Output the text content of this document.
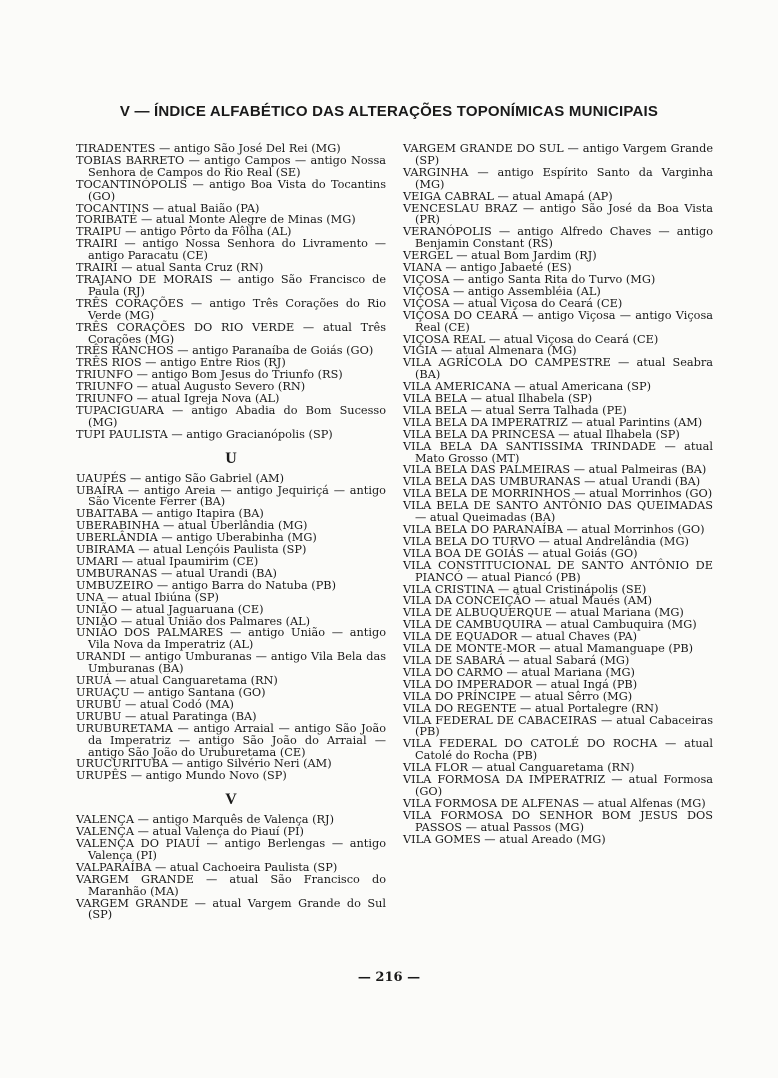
V — ÍNDICE ALFABÉTICO DAS ALTERAÇÕES TOPONÍMICAS MUNICIPAIS

TIRADENTES — antigo São José Del Rei (MG)

TOBIAS BARRETO — antigo Campos — antigo Nossa Senhora de Campos do Rio Real (SE)

TOCANTINÓPOLIS — antigo Boa Vista do Tocantins (GO)

TOCANTINS — atual Baião (PA)

TORIBATÉ — atual Monte Alegre de Minas (MG)

TRAIPU — antigo Pôrto da Fôlha (AL)

TRAIRI — antigo Nossa Senhora do Livramento — antigo Paracatu (CE)

TRAIRI — atual Santa Cruz (RN)

TRAJANO DE MORAIS — antigo São Francisco de Paula (RJ)

TRÊS CORAÇÕES — antigo Três Corações do Rio Verde (MG)

TRÊS CORAÇÕES DO RIO VERDE — atual Três Corações (MG)

TRÊS RANCHOS — antigo Paranaíba de Goiás (GO)

TRÊS RIOS — antigo Entre Rios (RJ)

TRIUNFO — antigo Bom Jesus do Triunfo (RS)

TRIUNFO — atual Augusto Severo (RN)

TRIUNFO — atual Igreja Nova (AL)

TUPACIGUARA — antigo Abadia do Bom Sucesso (MG)

TUPI PAULISTA — antigo Gracianópolis (SP)

U

UAUPÉS — antigo São Gabriel (AM)

UBAÍRA — antigo Areia — antigo Jequiriçá — antigo São Vicente Ferrer (BA)

UBAITABA — antigo Itapira (BA)

UBERABINHA — atual Uberlândia (MG)

UBERLÂNDIA — antigo Uberabinha (MG)

UBIRAMA — atual Lençóis Paulista (SP)

UMARI — atual Ipaumirim (CE)

UMBURANAS — atual Urandi (BA)

UMBUZEIRO — antigo Barra do Natuba (PB)

UNA — atual Ibiúna (SP)

UNIÃO — atual Jaguaruana (CE)

UNIÃO — atual União dos Palmares (AL)

UNIÃO DOS PALMARES — antigo União — antigo Vila Nova da Imperatriz (AL)

URANDI — antigo Umburanas — antigo Vila Bela das Umburanas (BA)

URUÁ — atual Canguaretama (RN)

URUAÇU — antigo Santana (GO)

URUBU — atual Codó (MA)

URUBU — atual Paratinga (BA)

URUBURETAMA — antigo Arraial — antigo São João da Imperatriz — antigo São João do Arraial — antigo São João do Uruburetama (CE)

URUCURITUBA — antigo Silvério Neri (AM)

URUPÊS — antigo Mundo Novo (SP)

V

VALENÇA — antigo Marquês de Valença (RJ)

VALENÇA — atual Valença do Piauí (PI)

VALENÇA DO PIAUÍ — antigo Berlengas — antigo Valença (PI)

VALPARAÍBA — atual Cachoeira Paulista (SP)

VARGEM GRANDE — atual São Francisco do Maranhão (MA)

VARGEM GRANDE — atual Vargem Grande do Sul (SP)

VARGEM GRANDE DO SUL — antigo Vargem Grande (SP)

VARGINHA — antigo Espírito Santo da Varginha (MG)

VEIGA CABRAL — atual Amapá (AP)

VENCESLAU BRAZ — antigo São José da Boa Vista (PR)

VERANÓPOLIS — antigo Alfredo Chaves — antigo Benjamin Constant (RS)

VERGEL — atual Bom Jardim (RJ)

VIANA — antigo Jabaeté (ES)

VIÇOSA — antigo Santa Rita do Turvo (MG)

VIÇOSA — antigo Assembléia (AL)

VIÇOSA — atual Viçosa do Ceará (CE)

VIÇOSA DO CEARÁ — antigo Viçosa — antigo Viçosa Real (CE)

VIÇOSA REAL — atual Viçosa do Ceará (CE)

VIGIA — atual Almenara (MG)

VILA AGRÍCOLA DO CAMPESTRE — atual Seabra (BA)

VILA AMERICANA — atual Americana (SP)

VILA BELA — atual Ilhabela (SP)

VILA BELA — atual Serra Talhada (PE)

VILA BELA DA IMPERATRIZ — atual Parintins (AM)

VILA BELA DA PRINCESA — atual Ilhabela (SP)

VILA BELA DA SANTISSIMA TRINDADE — atual Mato Grosso (MT)

VILA BELA DAS PALMEIRAS — atual Palmeiras (BA)

VILA BELA DAS UMBURANAS — atual Urandi (BA)

VILA BELA DE MORRINHOS — atual Morrinhos (GO)

VILA BELA DE SANTO ANTÔNIO DAS QUEIMADAS — atual Queimadas (BA)

VILA BELA DO PARANAÍBA — atual Morrinhos (GO)

VILA BELA DO TURVO — atual Andrelândia (MG)

VILA BOA DE GOIÁS — atual Goiás (GO)

VILA CONSTITUCIONAL DE SANTO ANTÔNIO DE PIANCÓ — atual Piancó (PB)

VILA CRISTINA — atual Cristinápolis (SE)

VILA DA CONCEIÇÃO — atual Maués (AM)

VILA DE ALBUQUERQUE — atual Mariana (MG)

VILA DE CAMBUQUIRA — atual Cambuquira (MG)

VILA DE EQUADOR — atual Chaves (PA)

VILA DE MONTE-MOR — atual Mamanguape (PB)

VILA DE SABARÁ — atual Sabará (MG)

VILA DO CARMO — atual Mariana (MG)

VILA DO IMPERADOR — atual Ingá (PB)

VILA DO PRÍNCIPE — atual Sêrro (MG)

VILA DO REGENTE — atual Portalegre (RN)

VILA FEDERAL DE CABACEIRAS — atual Cabaceiras (PB)

VILA FEDERAL DO CATOLÉ DO ROCHA — atual Catolé do Rocha (PB)

VILA FLOR — atual Canguaretama (RN)

VILA FORMOSA DA IMPERATRIZ — atual Formosa (GO)

VILA FORMOSA DE ALFENAS — atual Alfenas (MG)

VILA FORMOSA DO SENHOR BOM JESUS DOS PASSOS — atual Passos (MG)

VILA GOMES — atual Areado (MG)

— 216 —
